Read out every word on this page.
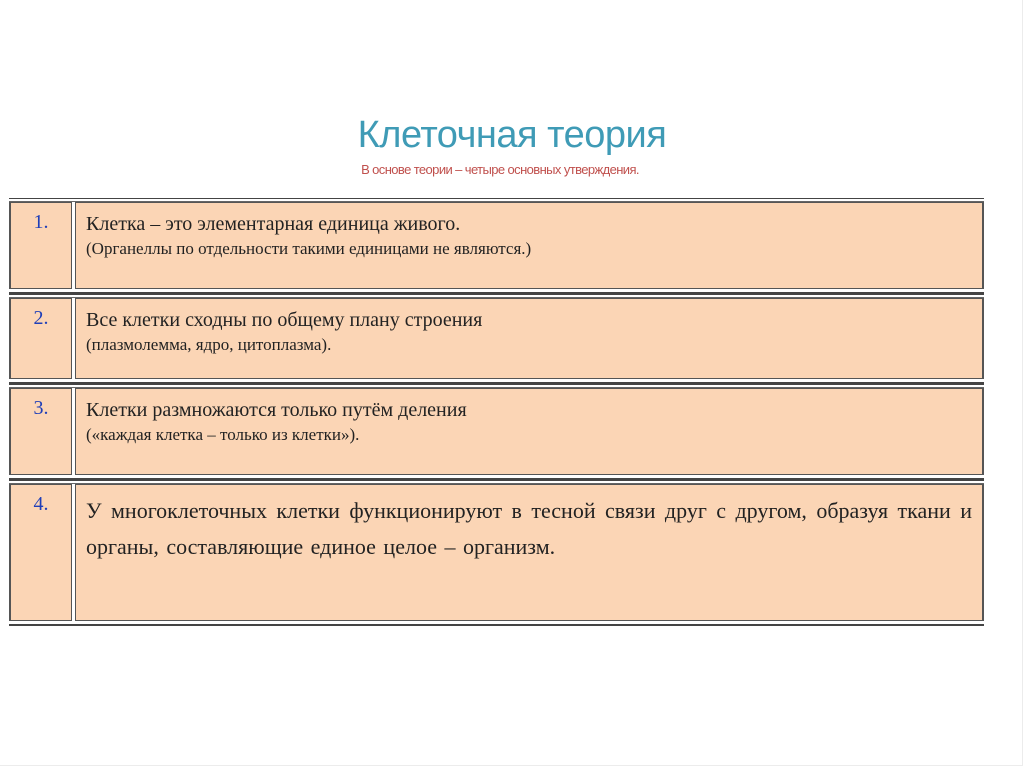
Клеточная теория
В основе теории – четыре основных утверждения.
1.	Клетка – это элементарная единица живого.
(Органеллы по отдельности такими единицами не являются.)
2.	Все клетки сходны по общему плану строения
(плазмолемма, ядро, цитоплазма).
3.	Клетки размножаются только путём деления
(«каждая клетка – только из клетки»).
4.	У многоклеточных клетки функционируют в тесной связи друг с другом, образуя ткани и органы, составляющие единое целое – организм.
